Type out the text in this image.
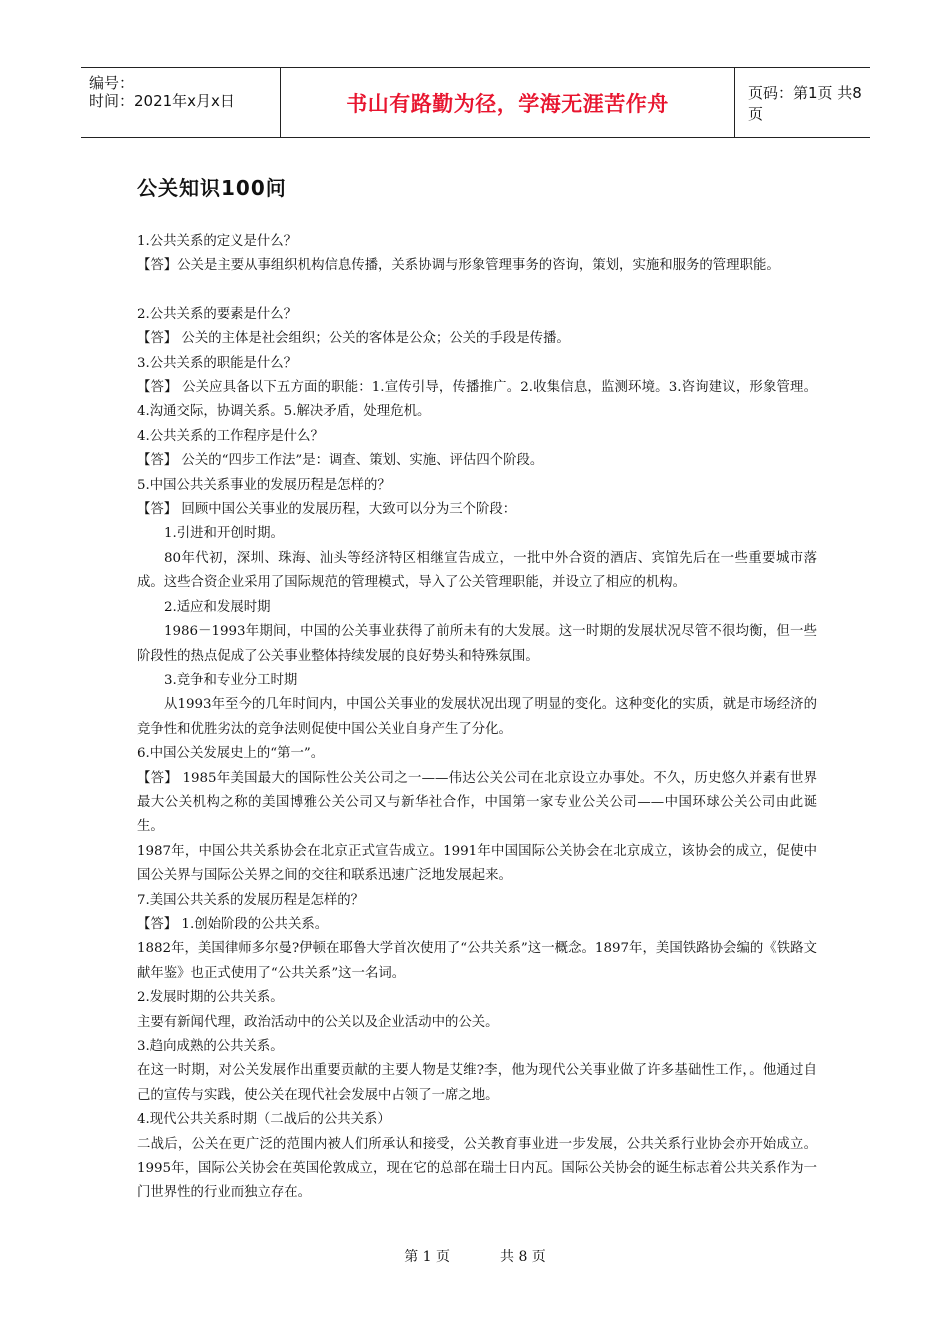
编号：
时间：2021年x月x日	书山有路勤为径，学海无涯苦作舟	页码：第1页 共8页
公关知识100问

1.公共关系的定义是什么？

【答】公关是主要从事组织机构信息传播，关系协调与形象管理事务的咨询，策划，实施和服务的管理职能。

2.公共关系的要素是什么？

【答】 公关的主体是社会组织；公关的客体是公众；公关的手段是传播。

3.公共关系的职能是什么？

【答】 公关应具备以下五方面的职能：1.宣传引导，传播推广。2.收集信息，监测环境。3.咨询建议，形象管理。4.沟通交际，协调关系。5.解决矛盾，处理危机。

4.公共关系的工作程序是什么？

【答】 公关的“四步工作法”是：调查、策划、实施、评估四个阶段。

5.中国公共关系事业的发展历程是怎样的？

【答】 回顾中国公关事业的发展历程，大致可以分为三个阶段：

1.引进和开创时期。

80年代初，深圳、珠海、汕头等经济特区相继宣告成立，一批中外合资的酒店、宾馆先后在一些重要城市落成。这些合资企业采用了国际规范的管理模式，导入了公关管理职能，并设立了相应的机构。

2.适应和发展时期

1986－1993年期间，中国的公关事业获得了前所未有的大发展。这一时期的发展状况尽管不很均衡，但一些阶段性的热点促成了公关事业整体持续发展的良好势头和特殊氛围。

3.竞争和专业分工时期

从1993年至今的几年时间内，中国公关事业的发展状况出现了明显的变化。这种变化的实质，就是市场经济的竞争性和优胜劣汰的竞争法则促使中国公关业自身产生了分化。

6.中国公关发展史上的“第一”。

【答】 1985年美国最大的国际性公关公司之一——伟达公关公司在北京设立办事处。不久，历史悠久并素有世界最大公关机构之称的美国博雅公关公司又与新华社合作，中国第一家专业公关公司——中国环球公关公司由此诞生。

1987年，中国公共关系协会在北京正式宣告成立。1991年中国国际公关协会在北京成立，该协会的成立，促使中国公关界与国际公关界之间的交往和联系迅速广泛地发展起来。

7.美国公共关系的发展历程是怎样的？

【答】 1.创始阶段的公共关系。

1882年，美国律师多尔曼?伊顿在耶鲁大学首次使用了“公共关系”这一概念。1897年，美国铁路协会编的《铁路文献年鉴》也正式使用了“公共关系”这一名词。

2.发展时期的公共关系。

主要有新闻代理，政治活动中的公关以及企业活动中的公关。

3.趋向成熟的公共关系。

在这一时期，对公关发展作出重要贡献的主要人物是艾维?李，他为现代公关事业做了许多基础性工作，。他通过自己的宣传与实践，使公关在现代社会发展中占领了一席之地。

4.现代公共关系时期（二战后的公共关系）

二战后，公关在更广泛的范围内被人们所承认和接受，公关教育事业进一步发展，公共关系行业协会亦开始成立。1995年，国际公关协会在英国伦敦成立，现在它的总部在瑞士日内瓦。国际公关协会的诞生标志着公共关系作为一门世界性的行业而独立存在。

第 1 页	共 8 页
